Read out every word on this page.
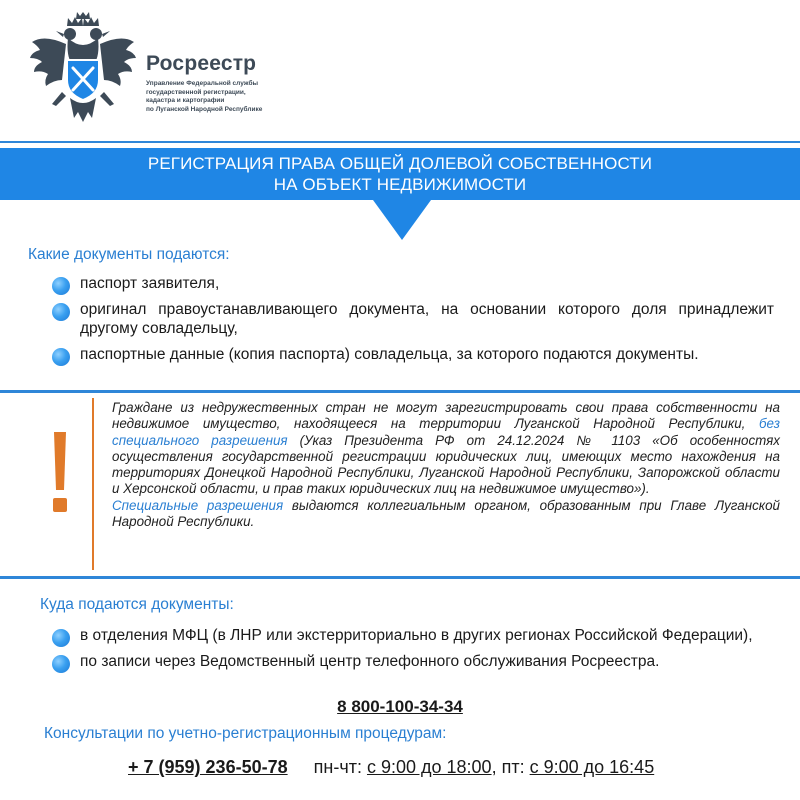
Росреестр
Управление Федеральной службы
государственной регистрации,
кадастра и картографии
по Луганской Народной Республике
РЕГИСТРАЦИЯ ПРАВА ОБЩЕЙ ДОЛЕВОЙ СОБСТВЕННОСТИ
НА ОБЪЕКТ НЕДВИЖИМОСТИ
Какие документы подаются:
паспорт заявителя,
оригинал правоустанавливающего документа, на основании которого доля принадлежит другому совладельцу,
паспортные данные (копия паспорта) совладельца, за которого подаются документы.

Граждане из недружественных стран не могут зарегистрировать свои права собственности на недвижимое имущество, находящееся на территории Луганской Народной Республики, без специального разрешения (Указ Президента РФ от 24.12.2024 № 1103 «Об особенностях осуществления государственной регистрации юридических лиц, имеющих место нахождения на территориях Донецкой Народной Республики, Луганской Народной Республики, Запорожской области и Херсонской области, и прав таких юридических лиц на недвижимое имущество»).

Специальные разрешения выдаются коллегиальным органом, образованным при Главе Луганской Народной Республики.

Куда подаются документы:
в отделения МФЦ (в ЛНР или экстерриториально в других регионах Российской Федерации),
по записи через Ведомственный центр телефонного обслуживания Росреестра.
8 800-100-34-34
Консультации по учетно-регистрационным процедурам:
+ 7 (959) 236-50-78 пн-чт: с 9:00 до 18:00, пт: с 9:00 до 16:45
